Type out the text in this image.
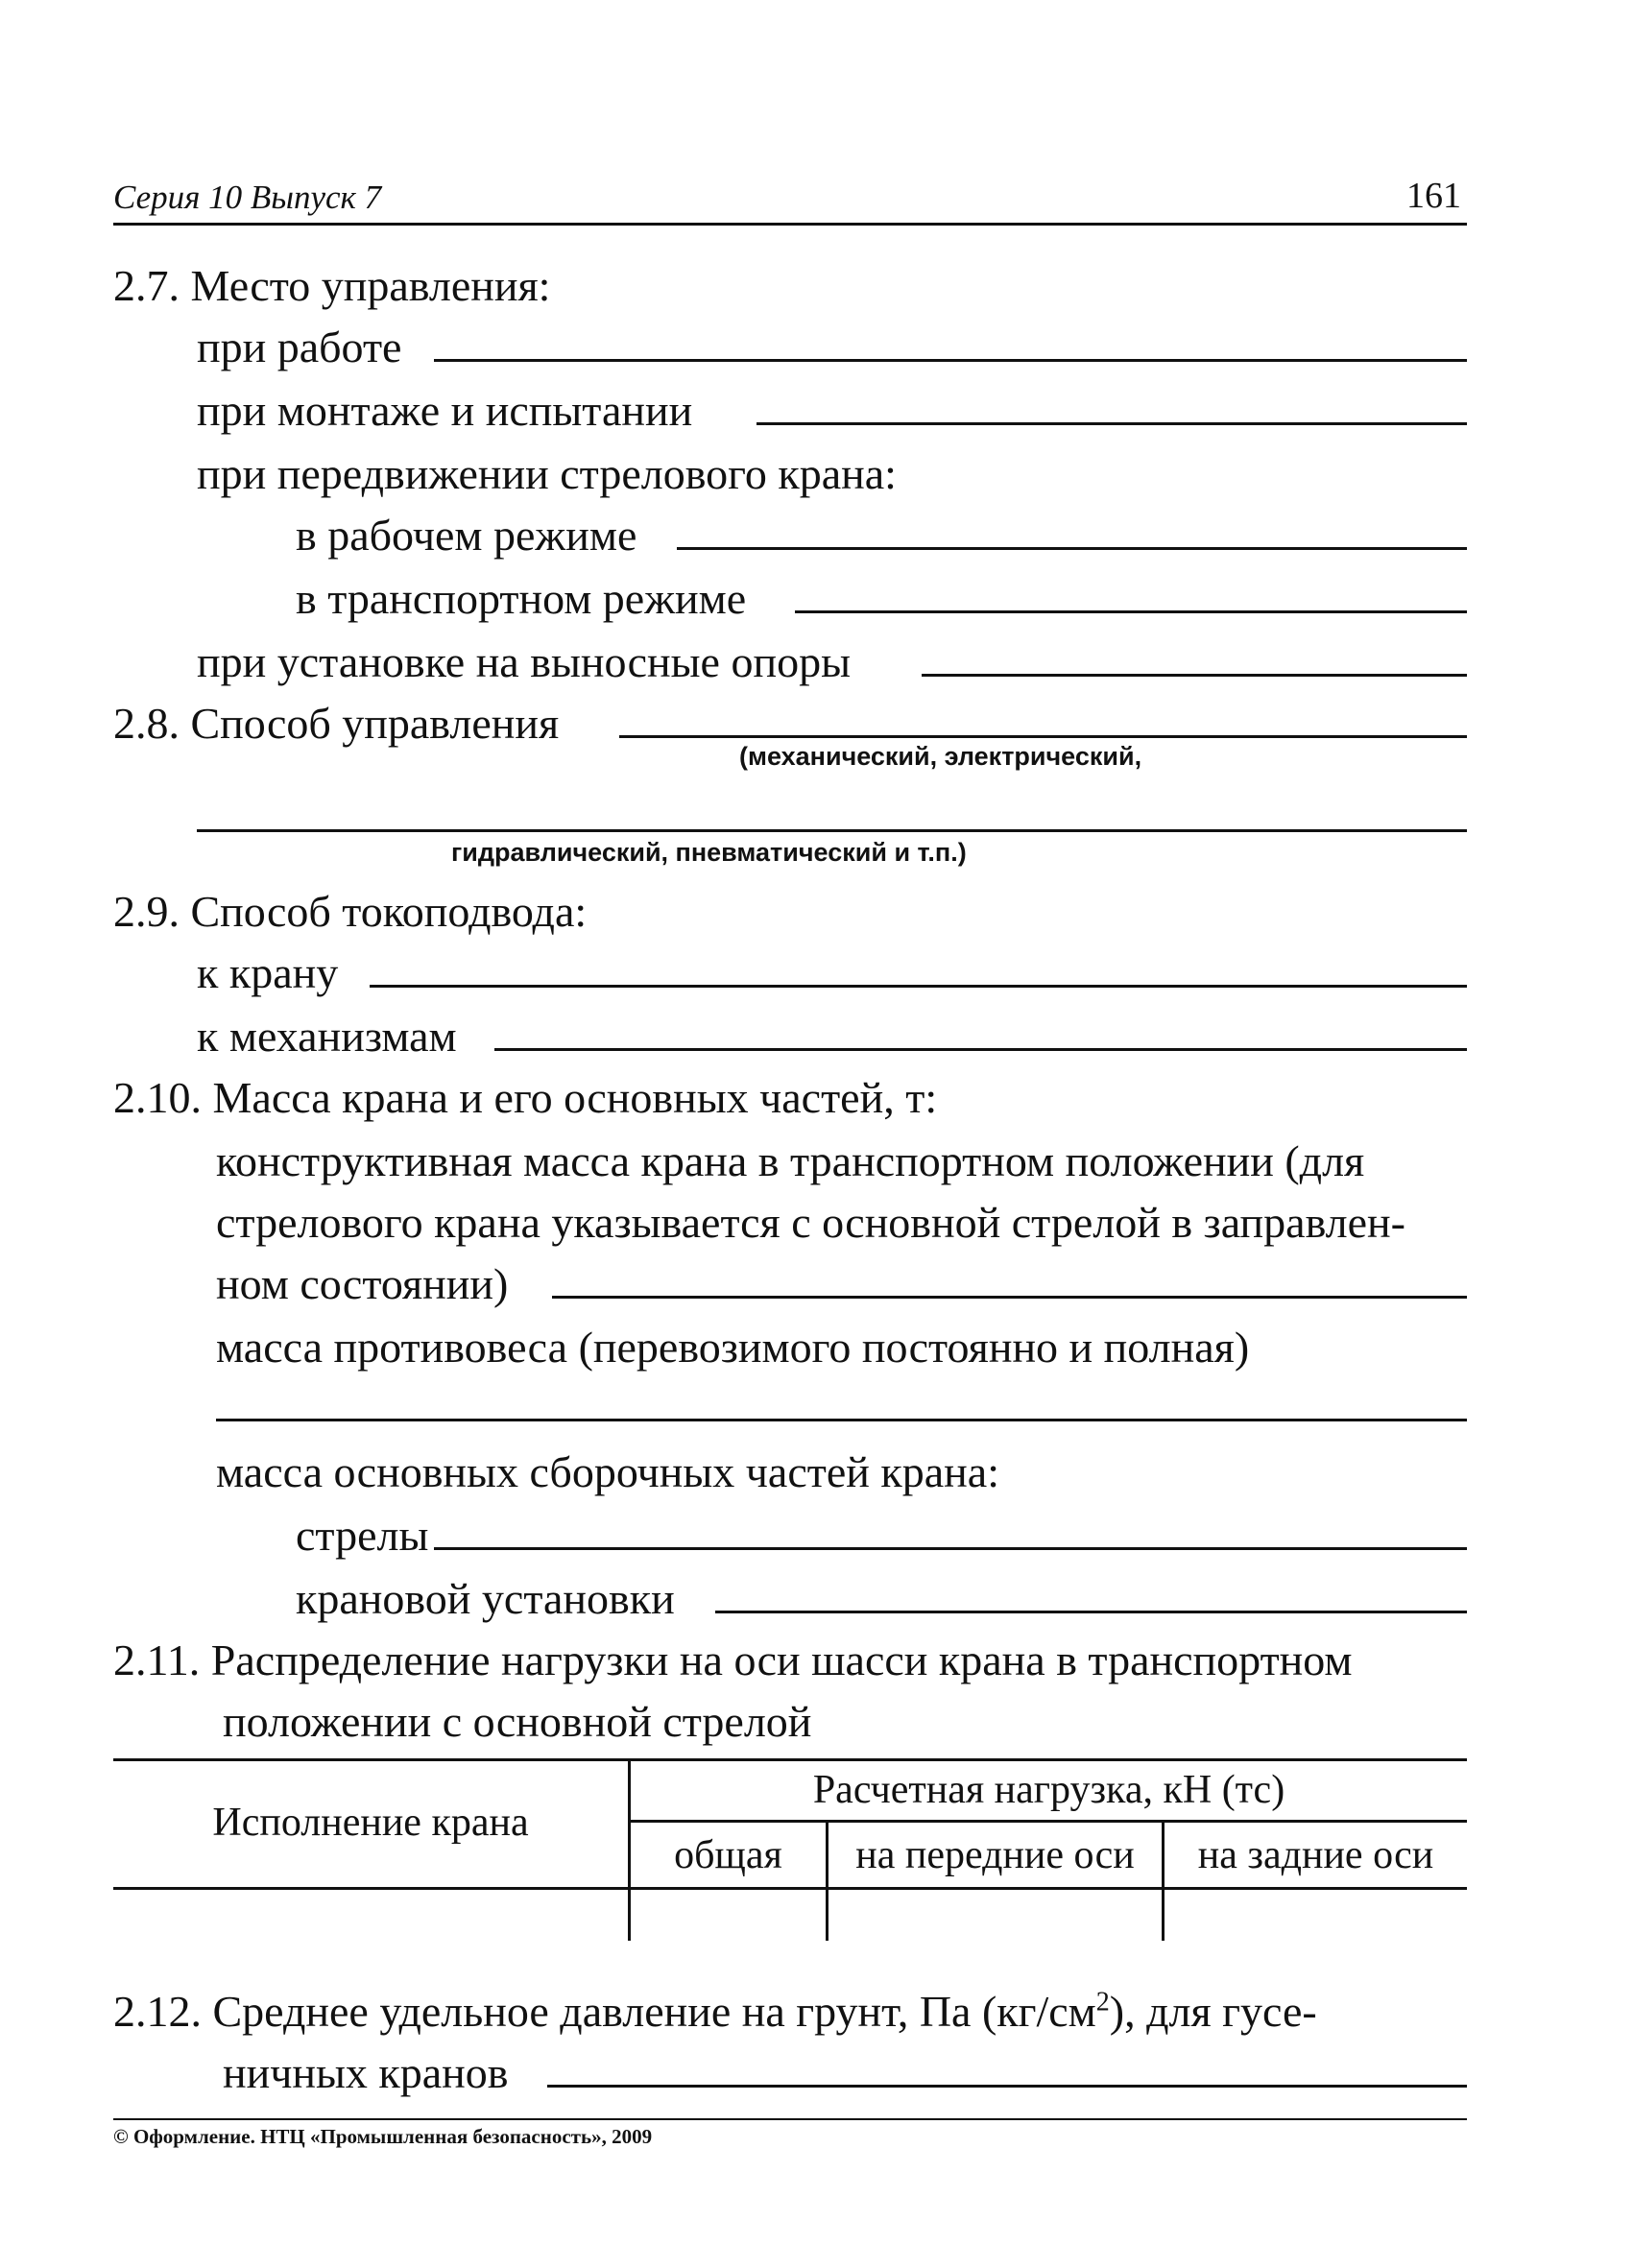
Серия 10 Выпуск 7	161
2.7. Место управления:
при работе
при монтаже и испытании
при передвижении стрелового крана:
в рабочем режиме
в транспортном режиме
при установке на выносные опоры
2.8. Способ управления
(механический, электрический,
гидравлический, пневматический и т.п.)
2.9. Способ токоподвода:
к крану
к механизмам
2.10. Масса крана и его основных частей, т:
конструктивная масса крана в транспортном положении (для
стрелового крана указывается с основной стрелой в заправлен-
ном состоянии)
масса противовеса (перевозимого постоянно и полная)
масса основных сборочных частей крана:
стрелы
крановой установки
2.11. Распределение нагрузки на оси шасси крана в транспортном
положении с основной стрелой
Исполнение крана
Расчетная нагрузка, кН (тс)
общая	на передние оси	на задние оси
2.12. Среднее удельное давление на грунт, Па $(кг/см^2)$, для гусе-
ничных кранов
© Оформление. НТЦ «Промышленная безопасность», 2009
